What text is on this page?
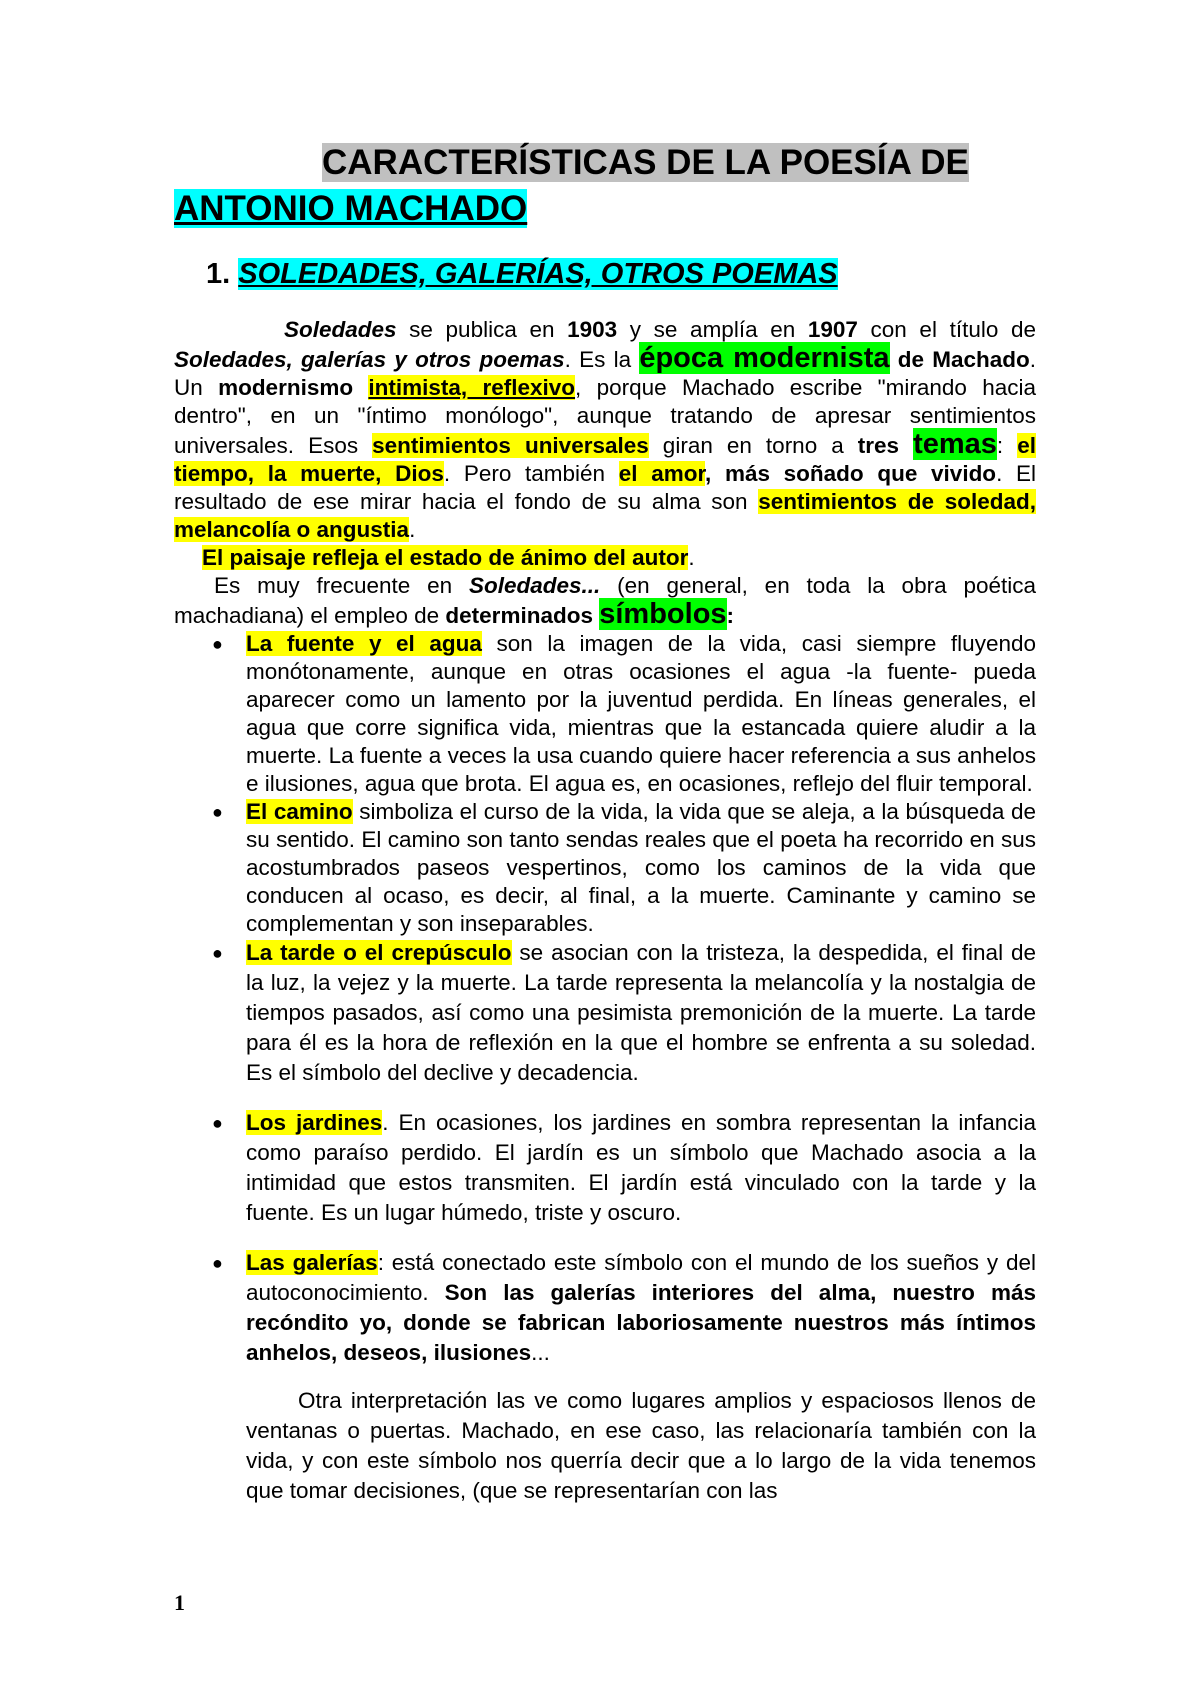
CARACTERÍSTICAS DE LA POESÍA DE
ANTONIO MACHADO
1. SOLEDADES, GALERÍAS, OTROS POEMAS

Soledades se publica en 1903 y se amplía en 1907 con el título de Soledades, galerías y otros poemas. Es la época modernista de Machado. Un modernismo intimista, reflexivo, porque Machado escribe "mirando hacia dentro", en un "íntimo monólogo", aunque tratando de apresar sentimientos universales. Esos sentimientos universales giran en torno a tres temas: el tiempo, la muerte, Dios. Pero también el amor, más soñado que vivido. El resultado de ese mirar hacia el fondo de su alma son sentimientos de soledad, melancolía o angustia.

El paisaje refleja el estado de ánimo del autor.

Es muy frecuente en Soledades... (en general, en toda la obra poética machadiana) el empleo de determinados símbolos:

● La fuente y el agua son la imagen de la vida, casi siempre fluyendo monótonamente, aunque en otras ocasiones el agua -la fuente- pueda aparecer como un lamento por la juventud perdida. En líneas generales, el agua que corre significa vida, mientras que la estancada quiere aludir a la muerte. La fuente a veces la usa cuando quiere hacer referencia a sus anhelos e ilusiones, agua que brota. El agua es, en ocasiones, reflejo del fluir temporal.
● El camino simboliza el curso de la vida, la vida que se aleja, a la búsqueda de su sentido. El camino son tanto sendas reales que el poeta ha recorrido en sus acostumbrados paseos vespertinos, como los caminos de la vida que conducen al ocaso, es decir, al final, a la muerte. Caminante y camino se complementan y son inseparables.
● La tarde o el crepúsculo se asocian con la tristeza, la despedida, el final de la luz, la vejez y la muerte. La tarde representa la melancolía y la nostalgia de tiempos pasados, así como una pesimista premonición de la muerte. La tarde para él es la hora de reflexión en la que el hombre se enfrenta a su soledad. Es el símbolo del declive y decadencia.
● Los jardines. En ocasiones, los jardines en sombra representan la infancia como paraíso perdido. El jardín es un símbolo que Machado asocia a la intimidad que estos transmiten. El jardín está vinculado con la tarde y la fuente. Es un lugar húmedo, triste y oscuro.
● Las galerías: está conectado este símbolo con el mundo de los sueños y del autoconocimiento. Son las galerías interiores del alma, nuestro más recóndito yo, donde se fabrican laboriosamente nuestros más íntimos anhelos, deseos, ilusiones...

Otra interpretación las ve como lugares amplios y espaciosos llenos de ventanas o puertas. Machado, en ese caso, las relacionaría también con la vida, y con este símbolo nos querría decir que a lo largo de la vida tenemos que tomar decisiones, (que se representarían con las

1
